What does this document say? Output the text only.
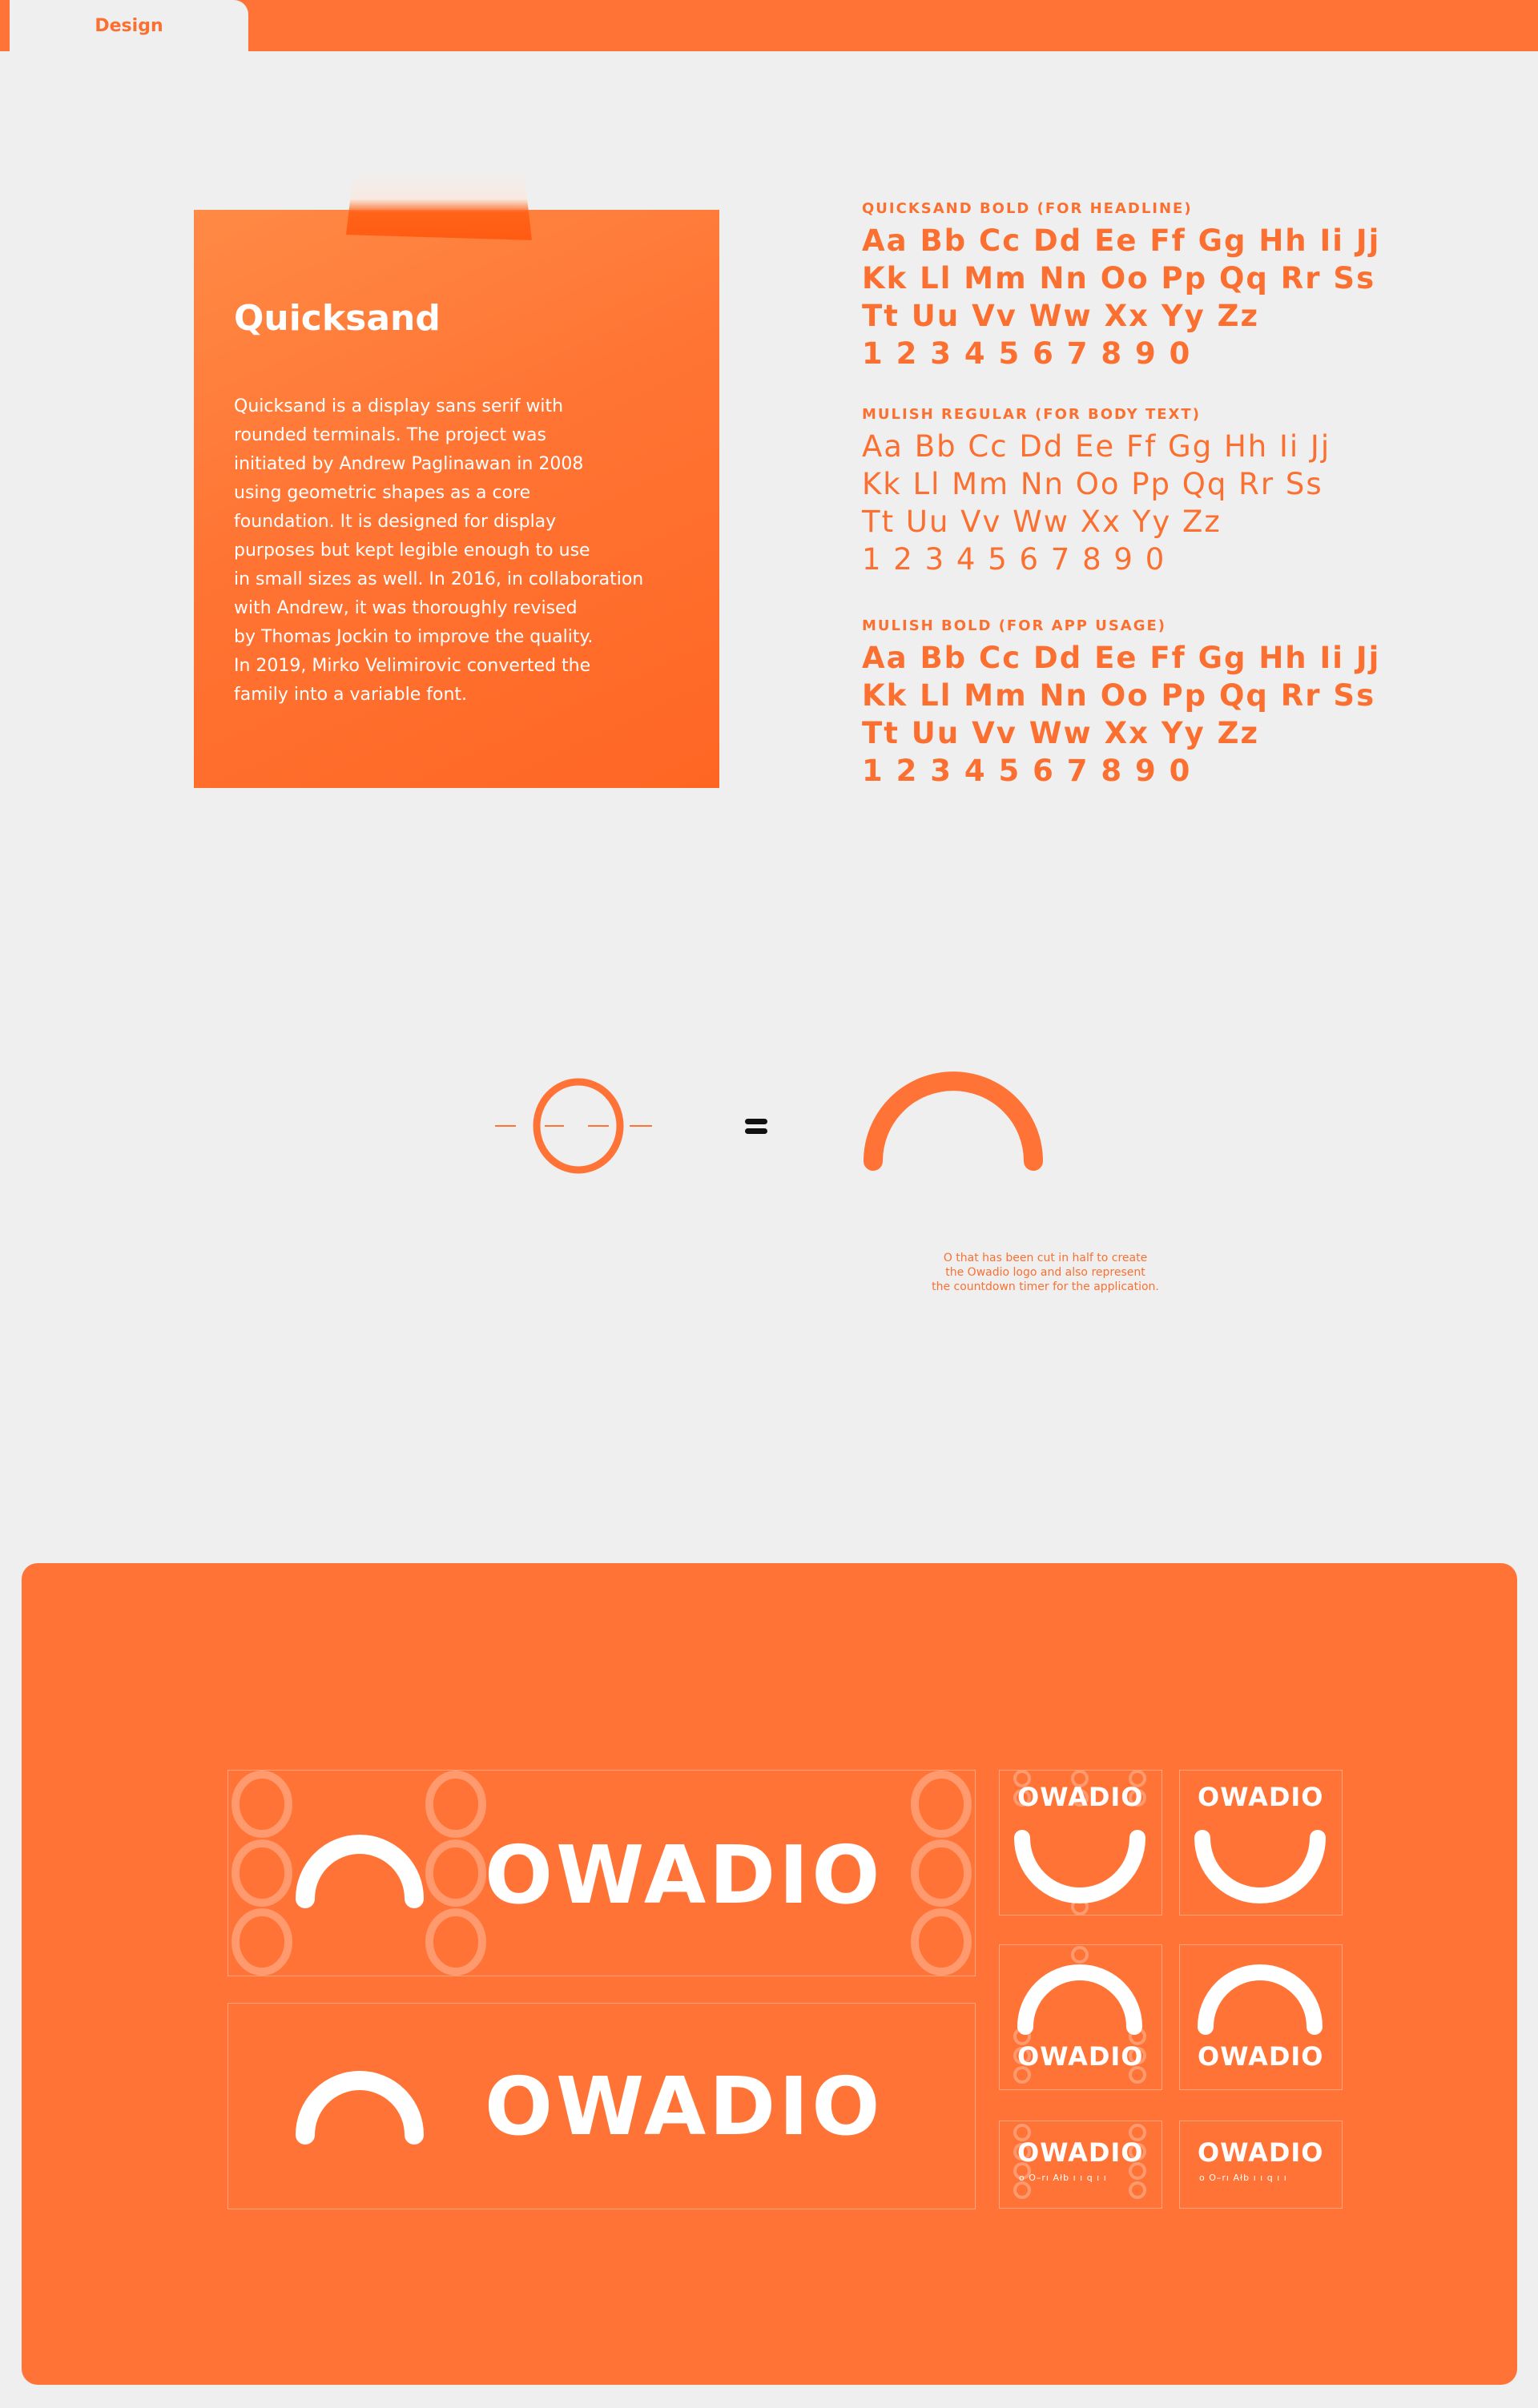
Design
Quicksand
Quicksand is a display sans serif with
rounded terminals. The project was
initiated by Andrew Paglinawan in 2008
using geometric shapes as a core
foundation. It is designed for display
purposes but kept legible enough to use
in small sizes as well. In 2016, in collaboration
with Andrew, it was thoroughly revised
by Thomas Jockin to improve the quality.
In 2019, Mirko Velimirovic converted the
family into a variable font.
QUICKSAND BOLD (FOR HEADLINE)
Aa Bb Cc Dd Ee Ff Gg Hh Ii Jj
Kk Ll Mm Nn Oo Pp Qq Rr Ss
Tt Uu Vv Ww Xx Yy Zz
1 2 3 4 5 6 7 8 9 0
MULISH REGULAR (FOR BODY TEXT)
Aa Bb Cc Dd Ee Ff Gg Hh Ii Jj
Kk Ll Mm Nn Oo Pp Qq Rr Ss
Tt Uu Vv Ww Xx Yy Zz
1 2 3 4 5 6 7 8 9 0
MULISH BOLD (FOR APP USAGE)
Aa Bb Cc Dd Ee Ff Gg Hh Ii Jj
Kk Ll Mm Nn Oo Pp Qq Rr Ss
Tt Uu Vv Ww Xx Yy Zz
1 2 3 4 5 6 7 8 9 0
O that has been cut in half to create
the Owadio logo and also represent
the countdown timer for the application.
OWADIO
OWADIO
OWADIO OWADIO
OWADIO OWADIO
OWADIO
o O–rı Ałb ı ı q ı ı
OWADIO
o O–rı Ałb ı ı q ı ı
